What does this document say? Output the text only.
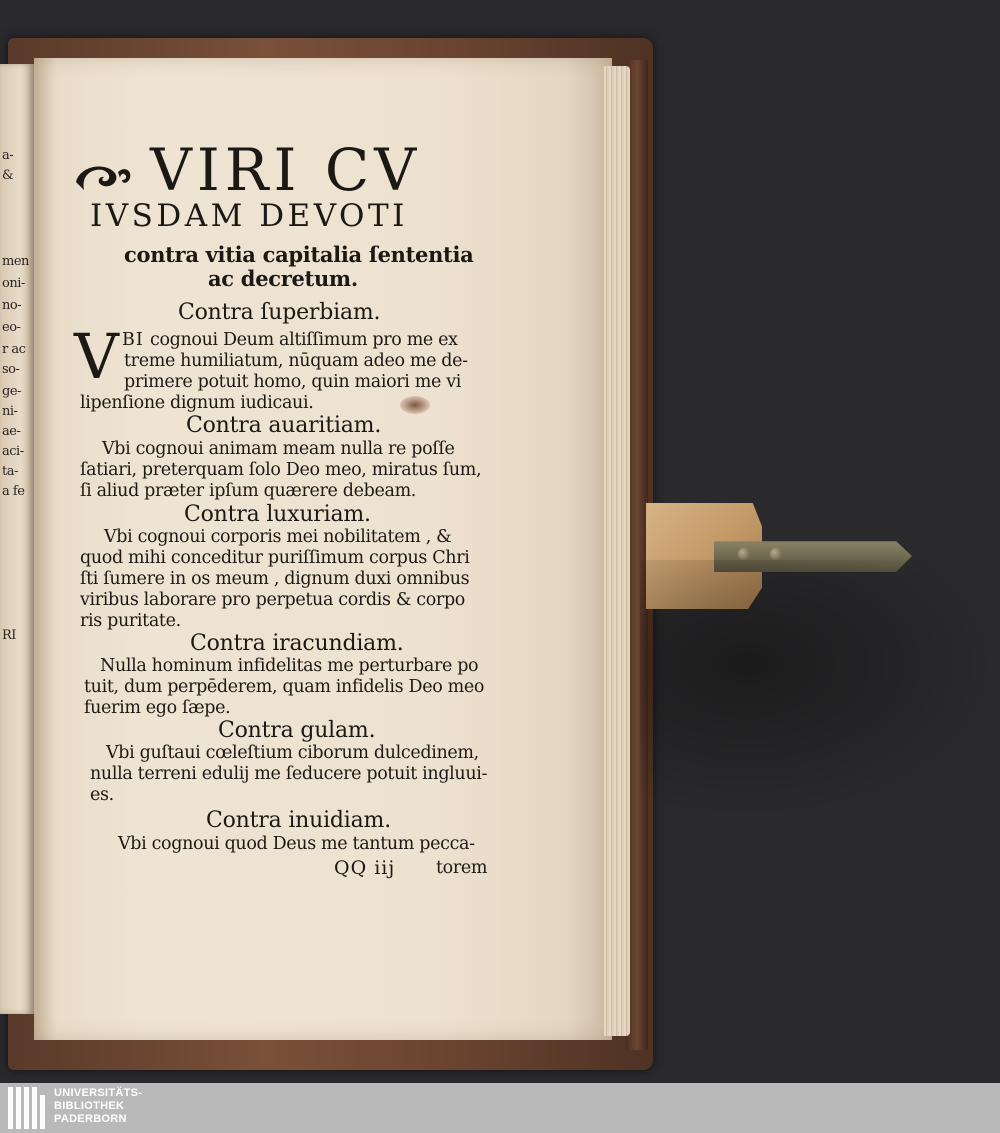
a-
&
men
oni-
no-
eo-
r ac
so-
ge-
ni-
ae-
aci-
ta-
a fe
RI
VIRI CV
IVSDAM DEVOTI
contra vitia capitalia ſententia
ac decretum.
Contra ſuperbiam.
V BI cognoui Deum altiſſimum pro me ex
treme humiliatum, nūquam adeo me de-
primere potuit homo, quin maiori me vi
lipenſione dignum iudicaui.
Contra auaritiam.
Vbi cognoui animam meam nulla re poſſe
ſatiari, preterquam ſolo Deo meo, miratus ſum,
ſi aliud præter ipſum quærere debeam.
Contra luxuriam.
Vbi cognoui corporis mei nobilitatem , &
quod mihi conceditur puriſſimum corpus Chri
ſti ſumere in os meum , dignum duxi omnibus
viribus laborare pro perpetua cordis & corpo
ris puritate.
Contra iracundiam.
Nulla hominum infidelitas me perturbare po
tuit, dum perpēderem, quam infidelis Deo meo
fuerim ego ſæpe.
Contra gulam.
Vbi guſtaui cœleſtium ciborum dulcedinem,
nulla terreni edulij me ſeducere potuit ingluui-
es.
Contra inuidiam.
Vbi cognoui quod Deus me tantum pecca-
QQ iij torem
UNIVERSITÄTS-
BIBLIOTHEK
PADERBORN
